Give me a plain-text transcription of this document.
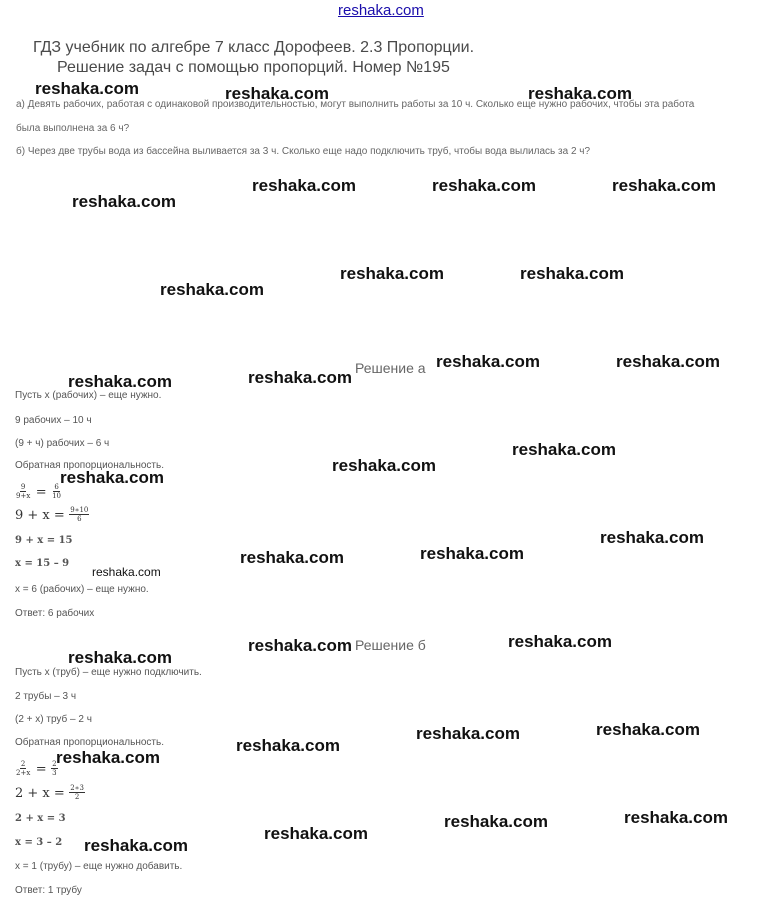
reshaka.com
ГДЗ учебник по алгебре 7 класс Дорофеев. 2.3 Пропорции.
Решение задач с помощью пропорций. Номер №195
а) Девять рабочих, работая с одинаковой производительностью, могут выполнить работы за 10 ч. Сколько еще нужно рабочих, чтобы эта работа
была выполнена за 6 ч?
б) Через две трубы вода из бассейна выливается за 3 ч. Сколько еще надо подключить труб, чтобы вода вылилась за 2 ч?
Решение а
Пусть x (рабочих) – еще нужно.
9 рабочих – 10 ч
(9 + ч) рабочих – 6 ч
Обратная пропорциональность.
$\frac{9}{9+x} = \frac{6}{10}$
$9 + x = \frac{9∗10}{6}$
9 + x = 15
x = 15 – 9
x = 6 (рабочих) – еще нужно.
Ответ: 6 рабочих
Решение б
Пусть x (труб) – еще нужно подключить.
2 трубы – 3 ч
(2 + x) труб – 2 ч
Обратная пропорциональность.
$\frac{2}{2+x} = \frac{2}{3}$
$2 + x = \frac{2∗3}{2}$
2 + x = 3
x = 3 – 2
x = 1 (трубу) – еще нужно добавить.
Ответ: 1 трубу
reshaka.com	reshaka.com	reshaka.com
reshaka.com	reshaka.com	reshaka.com
reshaka.com
reshaka.com	reshaka.com
reshaka.com
reshaka.com	reshaka.com
reshaka.com
reshaka.com
reshaka.com
reshaka.com
reshaka.com
reshaka.com
reshaka.com
reshaka.com
reshaka.com
reshaka.com
reshaka.com
reshaka.com
reshaka.com
reshaka.com
reshaka.com
reshaka.com
reshaka.com
reshaka.com
reshaka.com
reshaka.com
